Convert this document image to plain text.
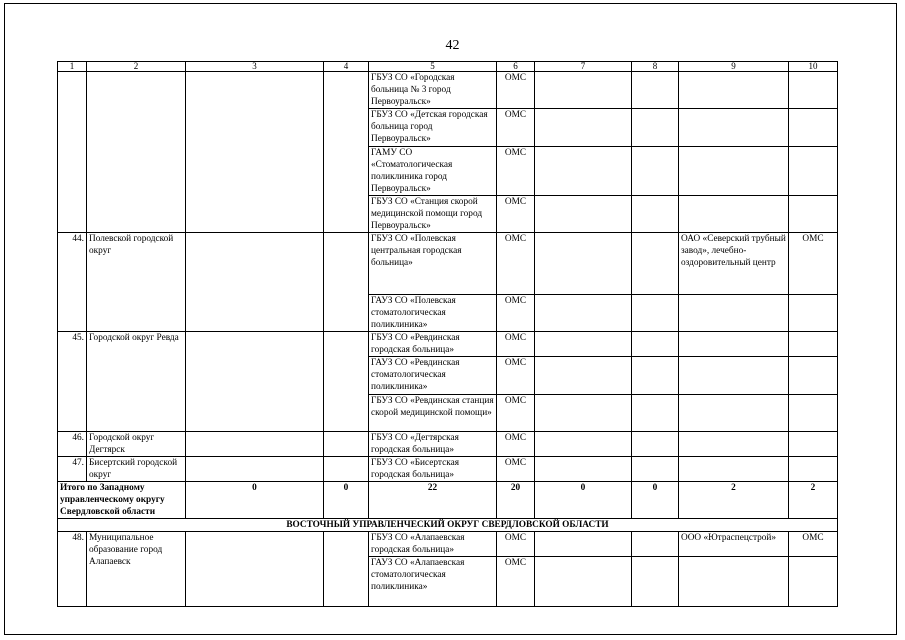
42
1	2	3	4	5	6	7	8	9	10
				ГБУЗ СО «Городская больница № 3 город Первоуральск»	ОМС				
				ГБУЗ СО «Детская городская больница город Первоуральск»	ОМС				
				ГАМУ СО «Стоматологическая поликлиника город Первоуральск»	ОМС				
				ГБУЗ СО «Станция скорой медицинской помощи город Первоуральск»	ОМС				
44.	Полевской городской округ			ГБУЗ СО «Полевская центральная городская больница»	ОМС			ОАО «Северский трубный завод», лечебно-оздоровительный центр	ОМС
				ГАУЗ СО «Полевская стоматологическая поликлиника»	ОМС				
45.	Городской округ Ревда			ГБУЗ СО «Ревдинская городская больница»	ОМС				
				ГАУЗ СО «Ревдинская стоматологическая поликлиника»	ОМС				
				ГБУЗ СО «Ревдинская станция скорой медицинской помощи»	ОМС				
46.	Городской округ Дегтярск			ГБУЗ СО «Дегтярская городская больница»	ОМС				
47.	Бисертский городской округ			ГБУЗ СО «Бисертская городская больница»	ОМС				
Итого по Западному управленческому округу Свердловской области		0	0	22	20	0	0	2	2
ВОСТОЧНЫЙ УПРАВЛЕНЧЕСКИЙ ОКРУГ СВЕРДЛОВСКОЙ ОБЛАСТИ									
48.	Муниципальное образование город Алапаевск			ГБУЗ СО «Алапаевская городская больница»	ОМС			ООО «Ютраспецстрой»	ОМС
				ГАУЗ СО «Алапаевская стоматологическая поликлиника»	ОМС				
